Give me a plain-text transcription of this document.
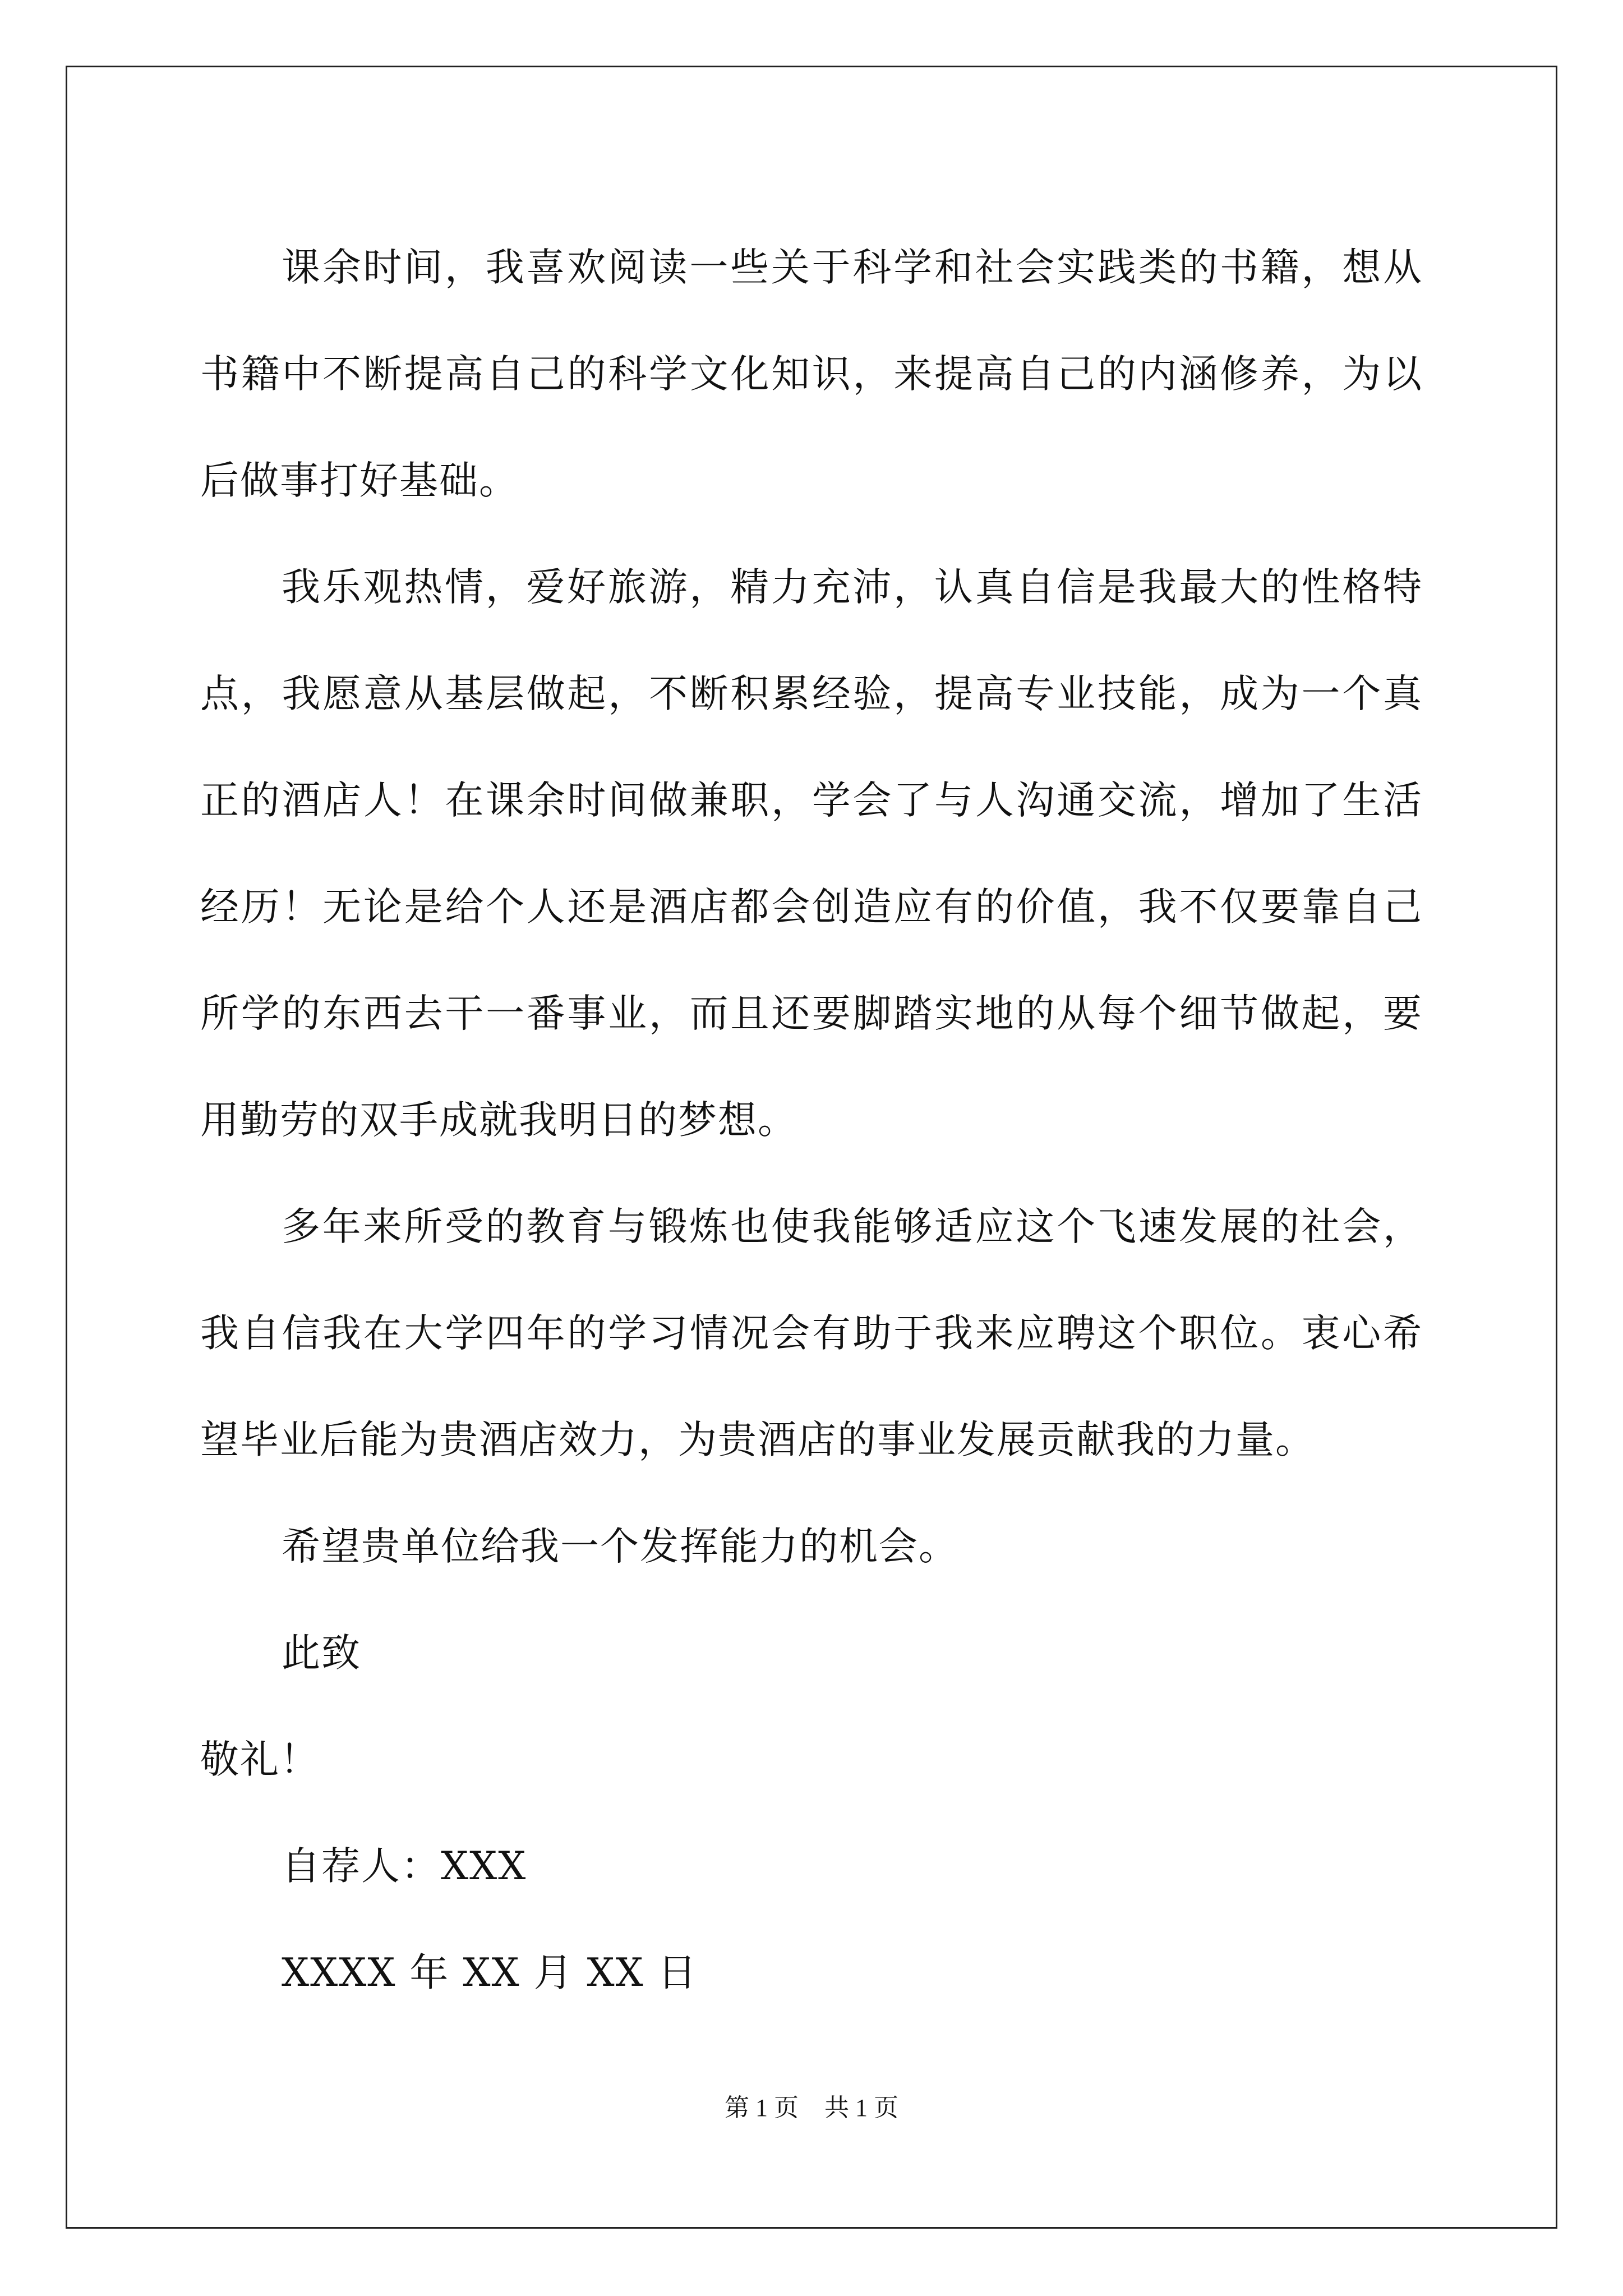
课余时间，我喜欢阅读一些关于科学和社会实践类的书籍，想从书籍中不断提高自己的科学文化知识，来提高自己的内涵修养，为以后做事打好基础。

我乐观热情，爱好旅游，精力充沛，认真自信是我最大的性格特点，我愿意从基层做起，不断积累经验，提高专业技能，成为一个真正的酒店人！在课余时间做兼职，学会了与人沟通交流，增加了生活经历！无论是给个人还是酒店都会创造应有的价值，我不仅要靠自己所学的东西去干一番事业，而且还要脚踏实地的从每个细节做起，要用勤劳的双手成就我明日的梦想。

多年来所受的教育与锻炼也使我能够适应这个飞速发展的社会，我自信我在大学四年的学习情况会有助于我来应聘这个职位。衷心希望毕业后能为贵酒店效力，为贵酒店的事业发展贡献我的力量。

希望贵单位给我一个发挥能力的机会。

此致

敬礼！

自荐人：XXX

XXXX 年 XX 月 XX 日

第 1 页 共 1 页
